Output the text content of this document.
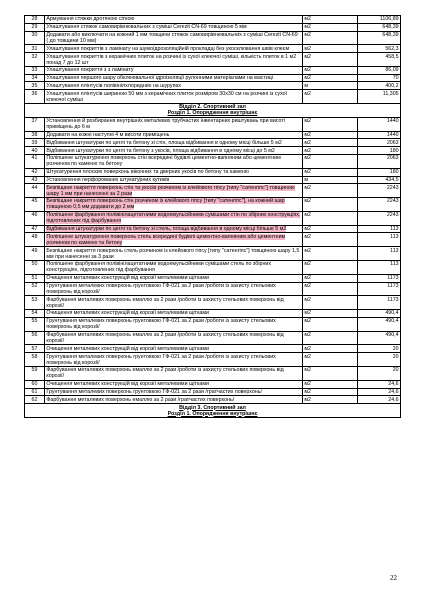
28	Армування стяжки дротяною сіткою	м2	1106,89
29	Улаштування стяжок самовирівнювальних з сумішi Cerezit CN-69 товщиною 5 мм	м2	648,39
30	Додавати або виключати на кожний 1 мм товщини стяжок самовирівнювальних з сумішi Cerezit CN-69 ( до товщини 10 мм)	м2	648,39
31	Улаштування покриттів з ламінату на шумоїдрозоляційній прокладці без укосклювання швів клеєм	м2	562,3
32	Улаштування покриттів з керамічних плиток на розчині із сухої клеючої суміші, кількість плиток в 1 м2 понад 7 до 12 шт	м2	458,5
33	Улаштування покриття з з ламінату	м2	86,09
34	Улаштування першого шару обклеювальної ідроізоляції рулонними матеріалами на мастиці	м2	70
35	Улаштування плінтусів полівінілхлоридних на шурупах	м	400,2
36	Улаштування плінтусів шириною 50 мм з керамічних плиток розміром 30х30 см на розчині із сухої клеючої суміші	м2	11,305
Відділ 2. Спортивний зал
Розділ 1. Опорядження внутрішнє			
37	Установлення й розбирання внутрішніх металевих трубчастих інвентарних риштувань при висоті приміщень до 6 м	м2	1440
38	Додавати на кожні наступні 4 м висоти приміщень	м2	1440
39	Відбивання штукатурки по цеглі та бетону зі стін, площа відбивання в одному місці більше 5 м2	м2	2063
40	Відбивання штукатурки по цеглі та бетону з укосів, площа відбивання в одному місці до 5 м2	м2	180
41	Поліпшене штукатурення поверхонь стін всередині будівлі цементно-вапняним або цементним розчином по каменю та бетону	м2	2063
42	Штукатурення плоских поверхонь віконних та дверних укосів по бетону та каменю	м2	180
43	Установлення перфорованих штукатурних кутиків	м	434,5
44	Безпіщане накриття поверхонь стін та укосів розчином із клейового гіпсу [типу "сатенгіпс"] товщиною шару 1 мм при нанесенні за 2 рази	м2	2243
45	Безпіщане накриття поверхонь стін розчином із клейового гіпсу [типу "сатенгіпс"], на кожний шар товщиною 0,5 мм додавати до 2 мм	м2	2243
46	Поліпшене фарбування полівінілацетатними водоемульсійними сумішами стін по збірних конструкціях, підготовлених під фарбування	м2	2243
47	Відбивання штукатурки по цеглі та бетону зі стель, площа відбивання в одному місці більше 5 м2	м2	113
48	Поліпшене штукатурення поверхонь стель всередині будівлі цементно-вапняним або цементним розчином по каменю та бетону	м2	113
49	Безпіщане накриття поверхонь стель розчином із клейового гіпсу [типу "сатенгіпс"] товщиною шару 1,5 мм при нанесенні за 3 рази	м2	113
50	Поліпшене фарбування полівінілацетатними водоемульсійними сумішами стель по збірних конструкціях, підготовлених під фарбування	м2	113
51	Очищення металевих конструкцій від корозії металевими щітками	м2	1173
52	Грунтування металевих поверхонь грунтовкою ГФ-021 за 2 рази /роботи із захисту стельових поверхонь від корозії/	м2	1173
53	Фарбування металевих поверхонь емаллю за 2 рази /роботи із захисту стельових поверхонь від корозії/	м2	1173
54	Очищення металевих конструкцій від корозії металевими щітками	м2	490,4
55	Грунтування металевих поверхонь грунтовкою ГФ-021 за 2 рази /роботи із захисту стельових поверхонь від корозії/	м2	490,4
56	Фарбування металевих поверхонь емаллю за 2 рази /роботи із захисту стельових поверхонь від корозії/	м2	490,4
57	Очищення металевих конструкцій від корозії металевими щітками	м2	20
58	Грунтування металевих поверхонь грунтовкою ГФ-021 за 2 рази /роботи із захисту стельових поверхонь від корозії/	м2	20
59	Фарбування металевих поверхонь емаллю за 2 рази /роботи із захисту стельових поверхонь від корозії/	м2	20
60	Очищення металевих конструкцій від корозії металевими щітками	м2	24,6
61	Грунтування металевих поверхонь грунтовкою ГФ-021 за 2 рази /гратчастих поверхонь/	м2	24,6
62	Фарбування металевих поверхонь емаллю за 2 рази /гратчастих поверхонь/	м2	24,6
Відділ 3. Спортивний зал
Розділ 1. Опорядження внутрішнє			
22
